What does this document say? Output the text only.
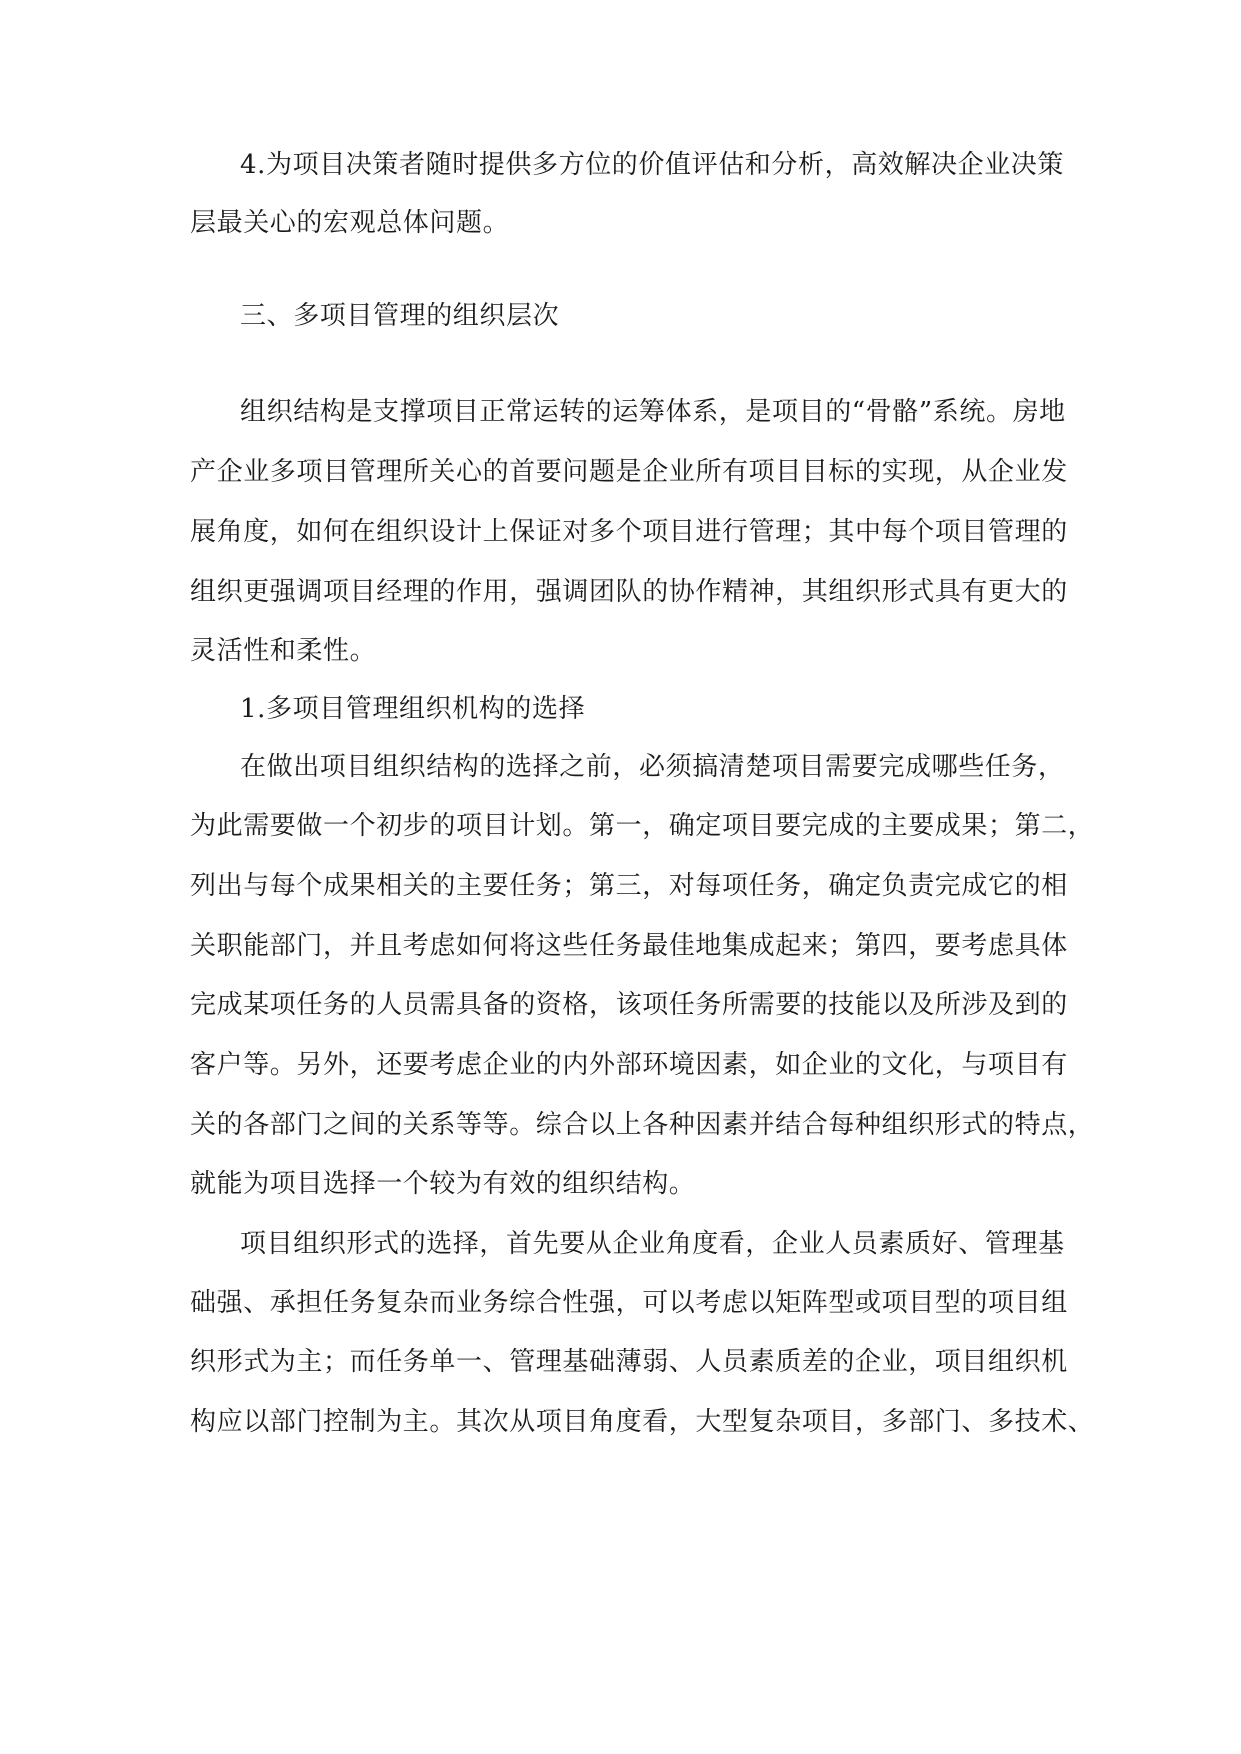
4.为项目决策者随时提供多方位的价值评估和分析，高效解决企业决策
层最关心的宏观总体问题。
三、多项目管理的组织层次
组织结构是支撑项目正常运转的运筹体系，是项目的“骨骼”系统。房地
产企业多项目管理所关心的首要问题是企业所有项目目标的实现，从企业发
展角度，如何在组织设计上保证对多个项目进行管理；其中每个项目管理的
组织更强调项目经理的作用，强调团队的协作精神，其组织形式具有更大的
灵活性和柔性。
1.多项目管理组织机构的选择
在做出项目组织结构的选择之前，必须搞清楚项目需要完成哪些任务，
为此需要做一个初步的项目计划。第一，确定项目要完成的主要成果；第二，
列出与每个成果相关的主要任务；第三，对每项任务，确定负责完成它的相
关职能部门，并且考虑如何将这些任务最佳地集成起来；第四，要考虑具体
完成某项任务的人员需具备的资格，该项任务所需要的技能以及所涉及到的
客户等。另外，还要考虑企业的内外部环境因素，如企业的文化，与项目有
关的各部门之间的关系等等。综合以上各种因素并结合每种组织形式的特点，
就能为项目选择一个较为有效的组织结构。
项目组织形式的选择，首先要从企业角度看，企业人员素质好、管理基
础强、承担任务复杂而业务综合性强，可以考虑以矩阵型或项目型的项目组
织形式为主；而任务单一、管理基础薄弱、人员素质差的企业，项目组织机
构应以部门控制为主。其次从项目角度看，大型复杂项目，多部门、多技术、
